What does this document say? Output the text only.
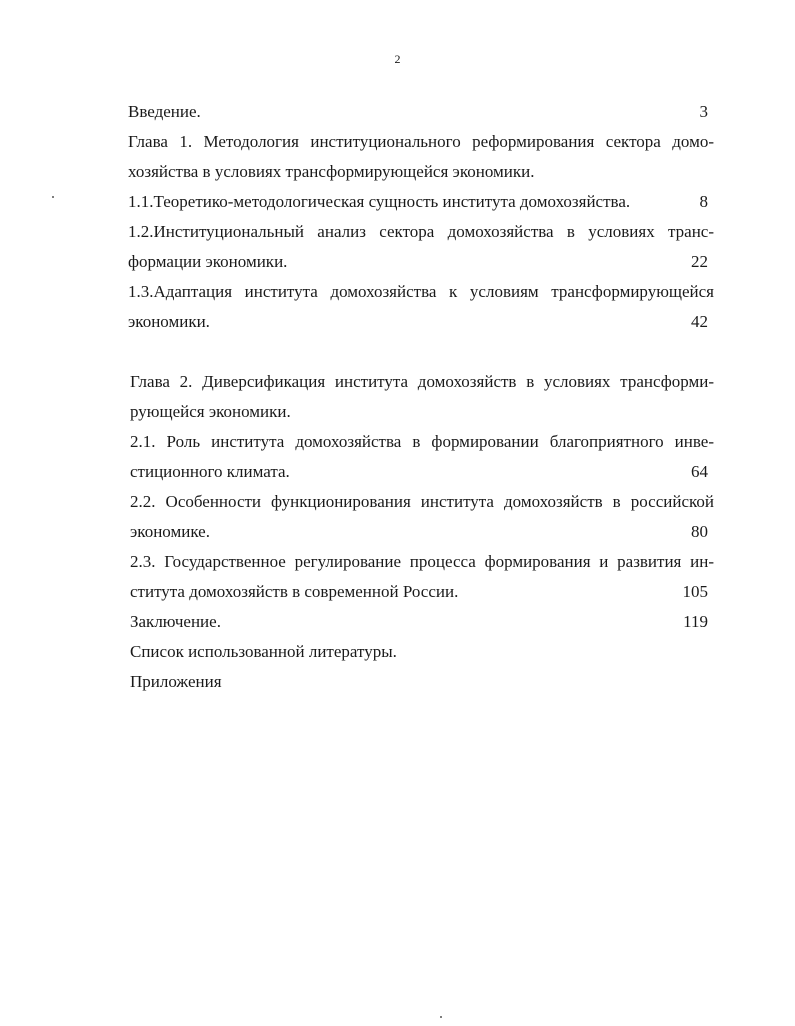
2
Введение.	3
Глава 1. Методология институционального реформирования сектора домо-
хозяйства в условиях трансформирующейся экономики.
1.1.Теоретико-методологическая сущность института домохозяйства.	8
1.2.Институциональный анализ сектора домохозяйства в условиях транс-
формации экономики.	22
1.3.Адаптация института домохозяйства к условиям трансформирующейся
экономики.	42
Глава 2. Диверсификация института домохозяйств в условиях трансформи-
рующейся экономики.
2.1. Роль института домохозяйства в формировании благоприятного инве-
стиционного климата.	64
2.2. Особенности функционирования института домохозяйств в российской
экономике.	80
2.3. Государственное регулирование процесса формирования и развития ин-
ститута домохозяйств в современной России.	105
Заключение.	119
Список использованной литературы.
Приложения
